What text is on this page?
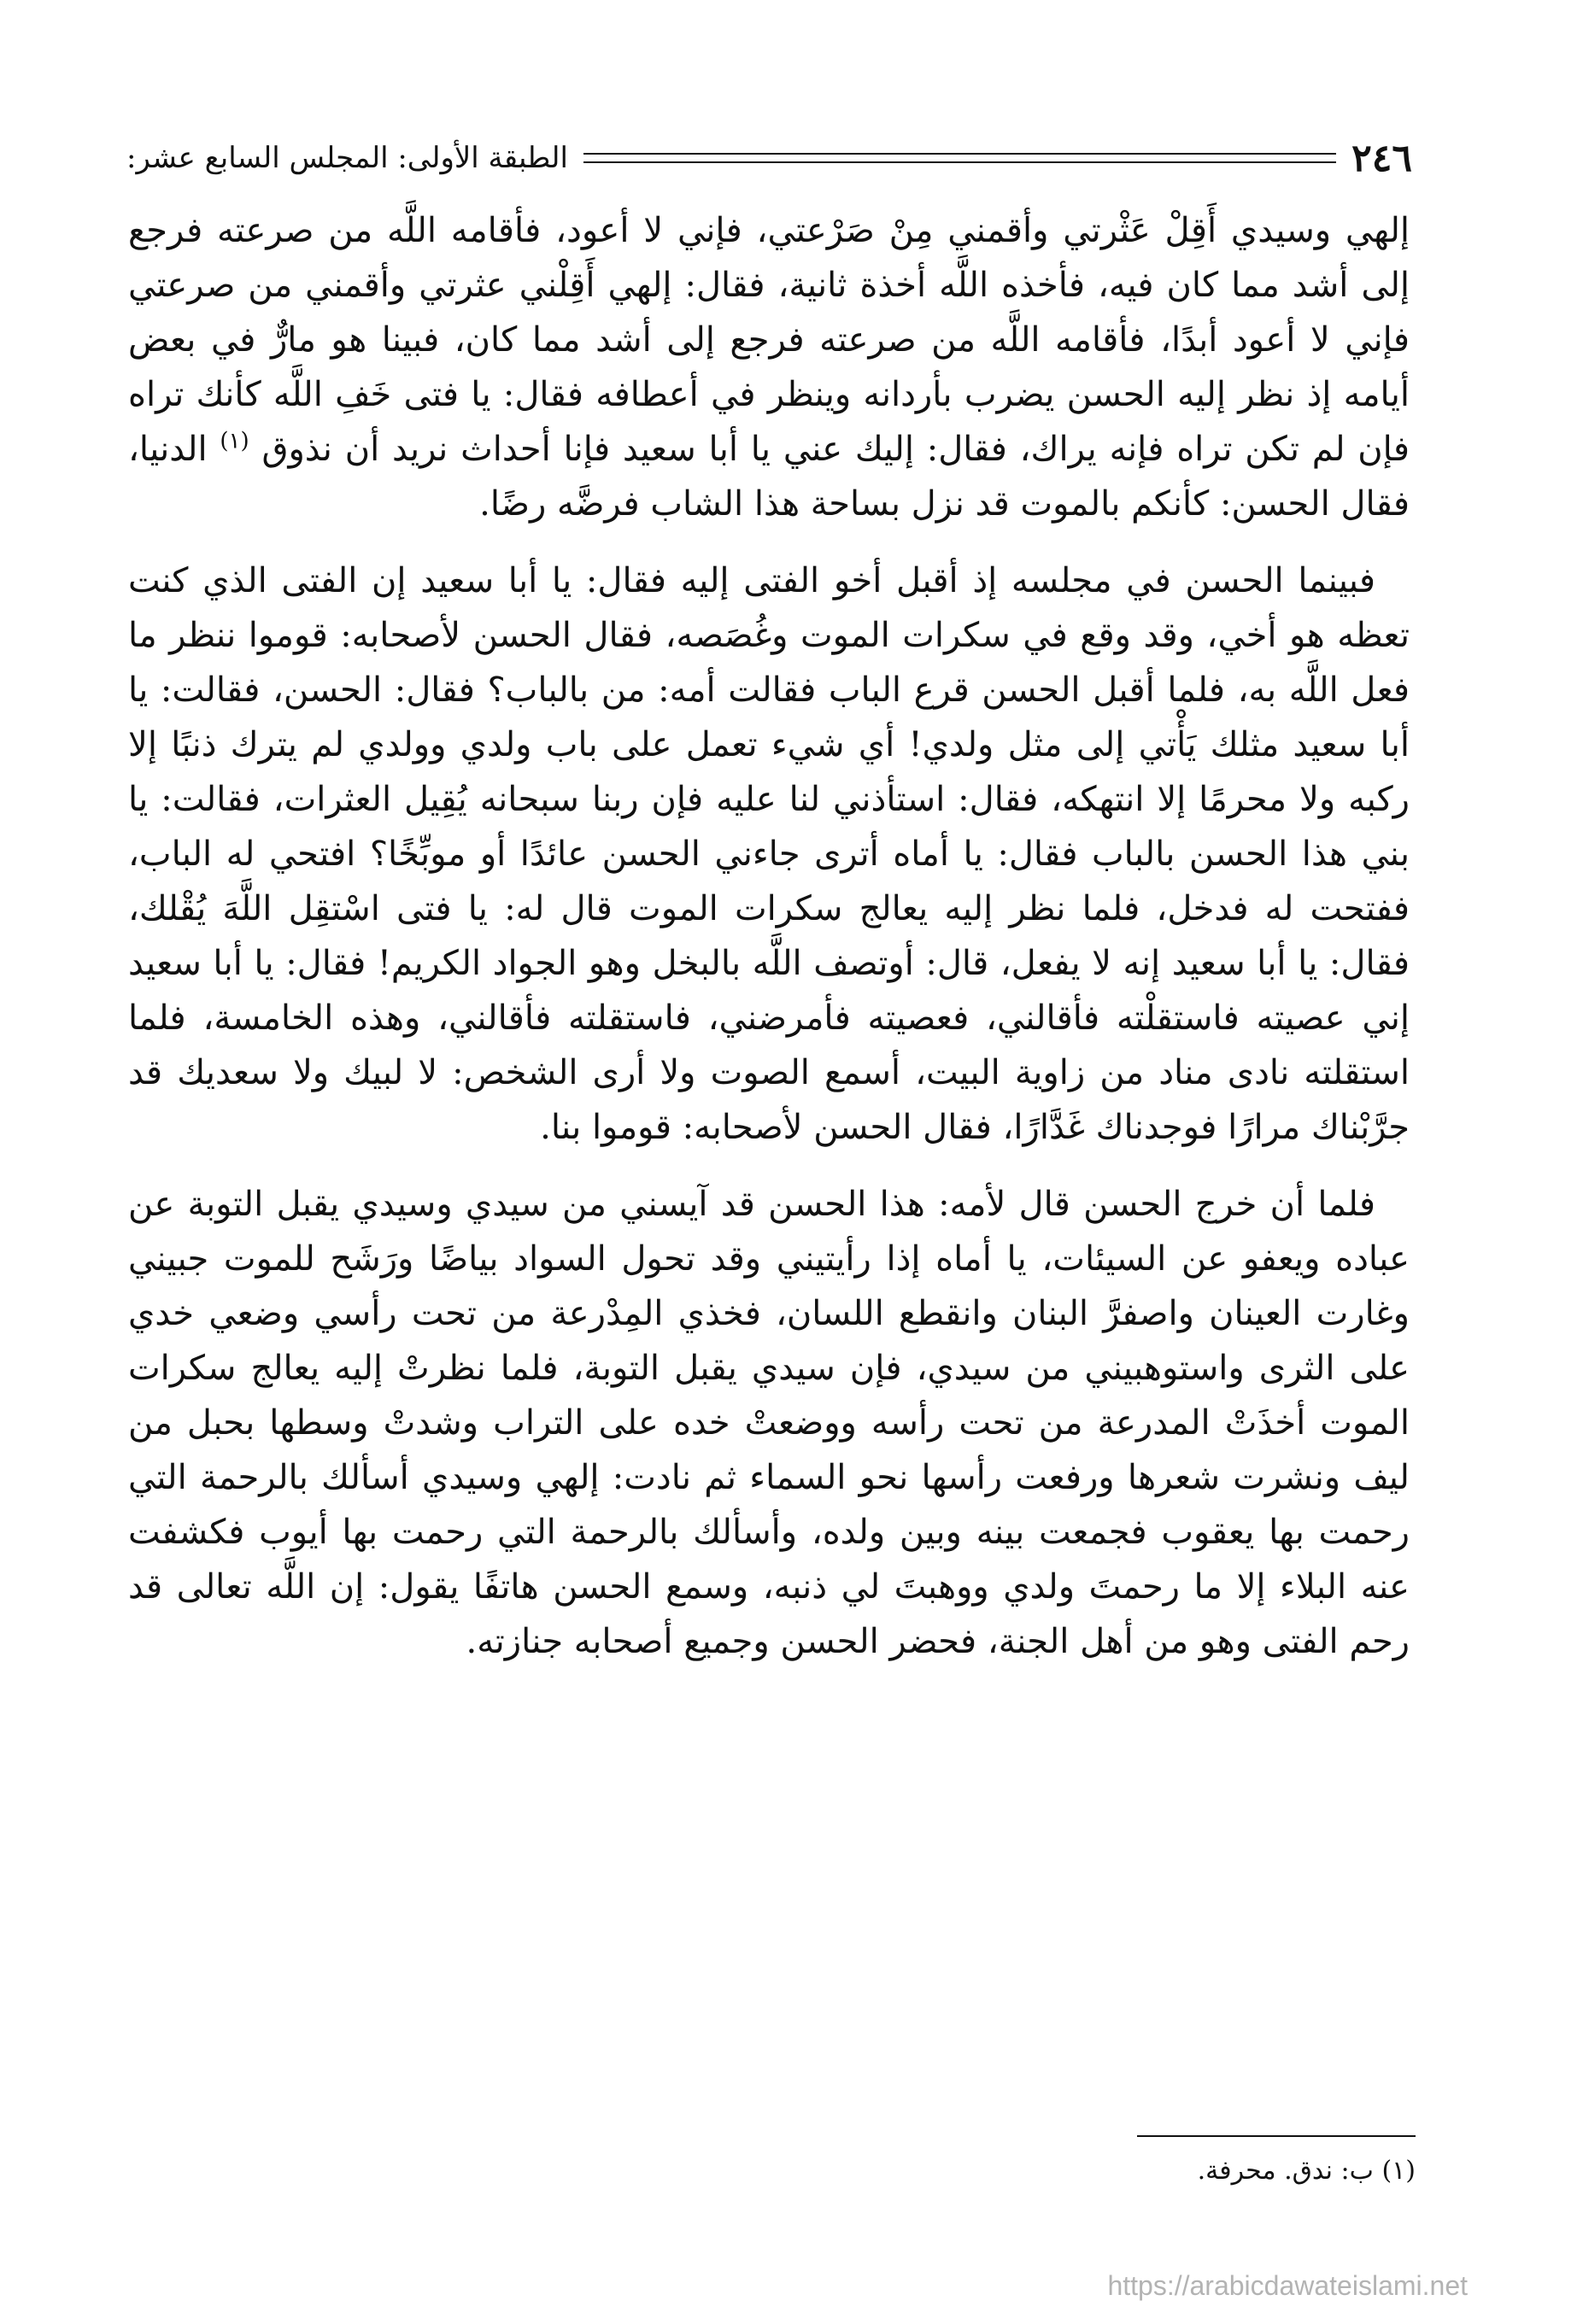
٢٤٦
الطبقة الأولى: المجلس السابع عشر:

إلهي وسيدي أَقِلْ عَثْرتي وأقمني مِنْ صَرْعتي، فإني لا أعود، فأقامه اللَّه من صرعته فرجع إلى أشد مما كان فيه، فأخذه اللَّه أخذة ثانية، فقال: إلهي أَقِلْني عثرتي وأقمني من صرعتي فإني لا أعود أبدًا، فأقامه اللَّه من صرعته فرجع إلى أشد مما كان، فبينا هو مارٌّ في بعض أيامه إذ نظر إليه الحسن يضرب بأردانه وينظر في أعطافه فقال: يا فتى خَفِ اللَّه كأنك تراه فإن لم تكن تراه فإنه يراك، فقال: إليك عني يا أبا سعيد فإنا أحداث نريد أن نذوق $^{(١)}$ الدنيا، فقال الحسن: كأنكم بالموت قد نزل بساحة هذا الشاب فرضَّه رضًا.

فبينما الحسن في مجلسه إذ أقبل أخو الفتى إليه فقال: يا أبا سعيد إن الفتى الذي كنت تعظه هو أخي، وقد وقع في سكرات الموت وغُصَصه، فقال الحسن لأصحابه: قوموا ننظر ما فعل اللَّه به، فلما أقبل الحسن قرع الباب فقالت أمه: من بالباب؟ فقال: الحسن، فقالت: يا أبا سعيد مثلك يَأْتي إلى مثل ولدي! أي شيء تعمل على باب ولدي وولدي لم يترك ذنبًا إلا ركبه ولا محرمًا إلا انتهكه، فقال: استأذني لنا عليه فإن ربنا سبحانه يُقِيل العثرات، فقالت: يا بني هذا الحسن بالباب فقال: يا أماه أترى جاءني الحسن عائدًا أو موبِّخًا؟ افتحي له الباب، ففتحت له فدخل، فلما نظر إليه يعالج سكرات الموت قال له: يا فتى اسْتقِل اللَّهَ يُقْلك، فقال: يا أبا سعيد إنه لا يفعل، قال: أوتصف اللَّه بالبخل وهو الجواد الكريم! فقال: يا أبا سعيد إني عصيته فاستقلْته فأقالني، فعصيته فأمرضني، فاستقلته فأقالني، وهذه الخامسة، فلما استقلته نادى مناد من زاوية البيت، أسمع الصوت ولا أرى الشخص: لا لبيك ولا سعديك قد جرَّبْناك مرارًا فوجدناك غَدَّارًا، فقال الحسن لأصحابه: قوموا بنا.

فلما أن خرج الحسن قال لأمه: هذا الحسن قد آيسني من سيدي وسيدي يقبل التوبة عن عباده ويعفو عن السيئات، يا أماه إذا رأيتيني وقد تحول السواد بياضًا ورَشَح للموت جبيني وغارت العينان واصفرَّ البنان وانقطع اللسان، فخذي المِدْرعة من تحت رأسي وضعي خدي على الثرى واستوهبيني من سيدي، فإن سيدي يقبل التوبة، فلما نظرتْ إليه يعالج سكرات الموت أخذَتْ المدرعة من تحت رأسه ووضعتْ خده على التراب وشدتْ وسطها بحبل من ليف ونشرت شعرها ورفعت رأسها نحو السماء ثم نادت: إلهي وسيدي أسألك بالرحمة التي رحمت بها يعقوب فجمعت بينه وبين ولده، وأسألك بالرحمة التي رحمت بها أيوب فكشفت عنه البلاء إلا ما رحمتَ ولدي ووهبتَ لي ذنبه، وسمع الحسن هاتفًا يقول: إن اللَّه تعالى قد رحم الفتى وهو من أهل الجنة، فحضر الحسن وجميع أصحابه جنازته.

(١) ب: ندق. محرفة.
https://arabicdawateislami.net
